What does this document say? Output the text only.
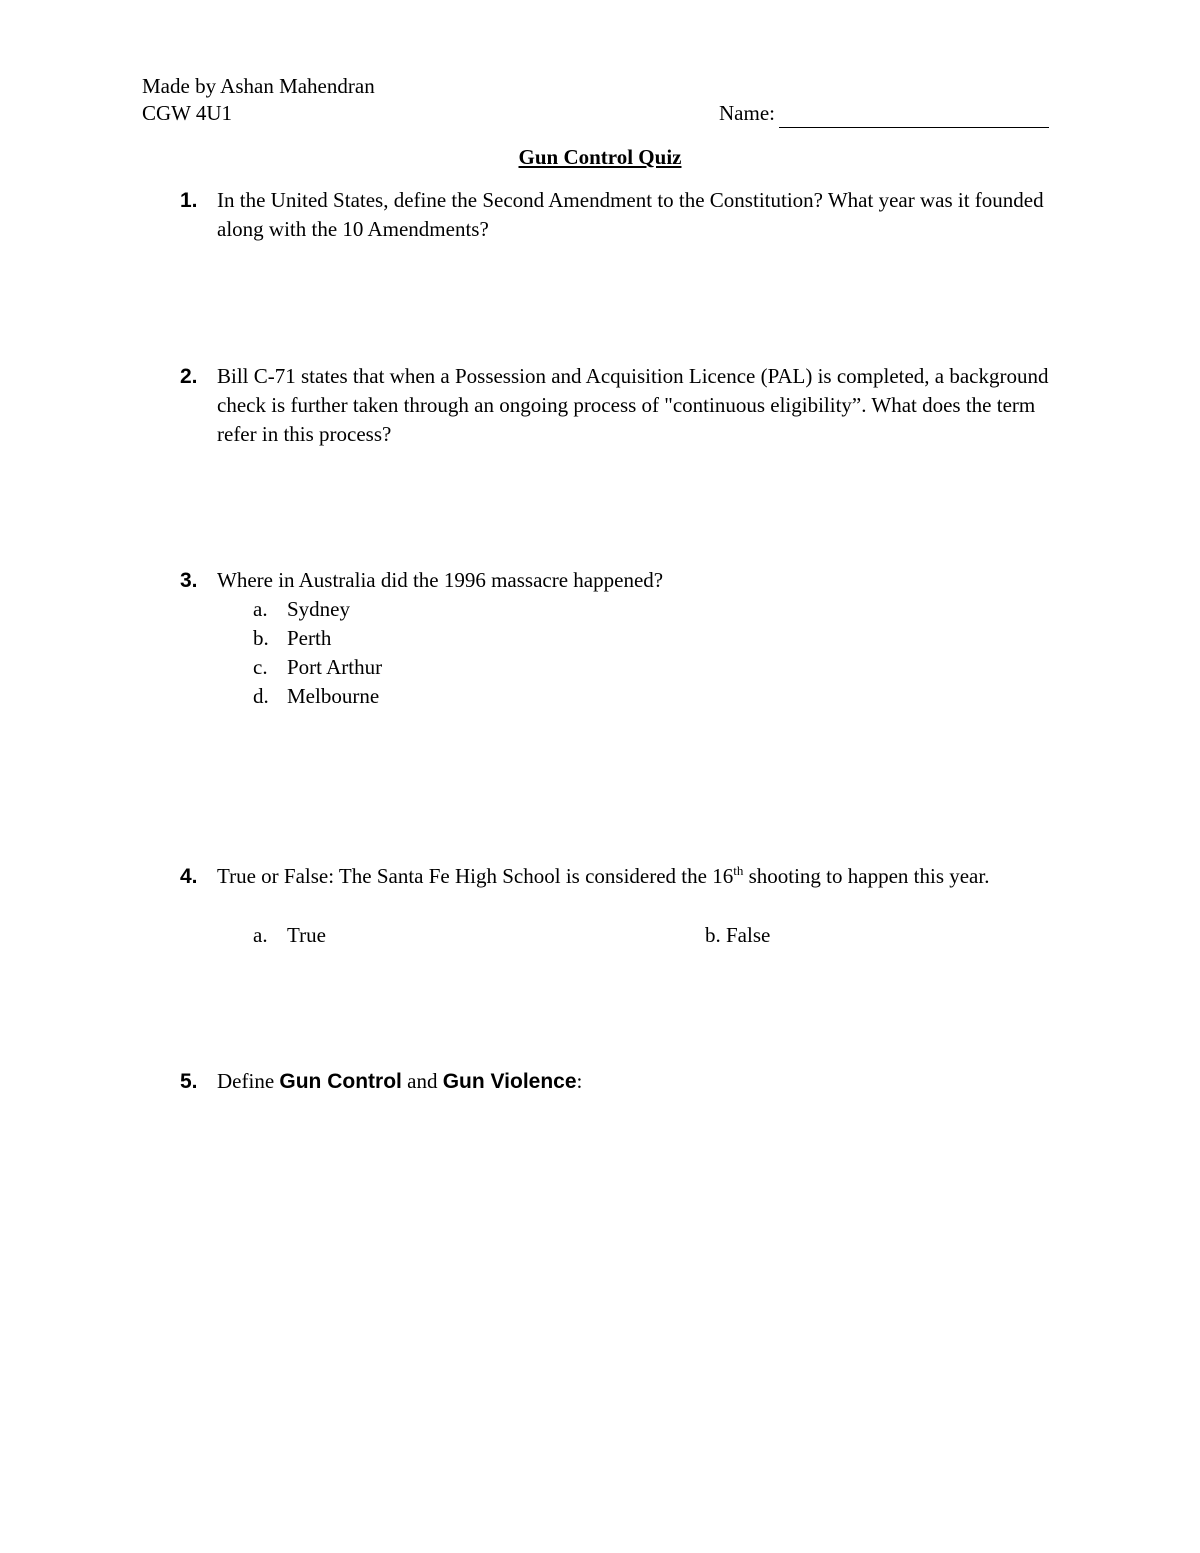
Made by Ashan Mahendran
CGW 4U1	Name:
Gun Control Quiz
1. In the United States, define the Second Amendment to the Constitution? What year was it founded along with the 10 Amendments?
2. Bill C-71 states that when a Possession and Acquisition Licence (PAL) is completed, a background check is further taken through an ongoing process of "continuous eligibility”. What does the term refer in this process?
3. Where in Australia did the 1996 massacre happened?
a. Sydney
b. Perth
c. Port Arthur
d. Melbourne
4. True or False: The Santa Fe High School is considered the 16th shooting to happen this year.
a. True	b. False
5. Define Gun Control and Gun Violence:
